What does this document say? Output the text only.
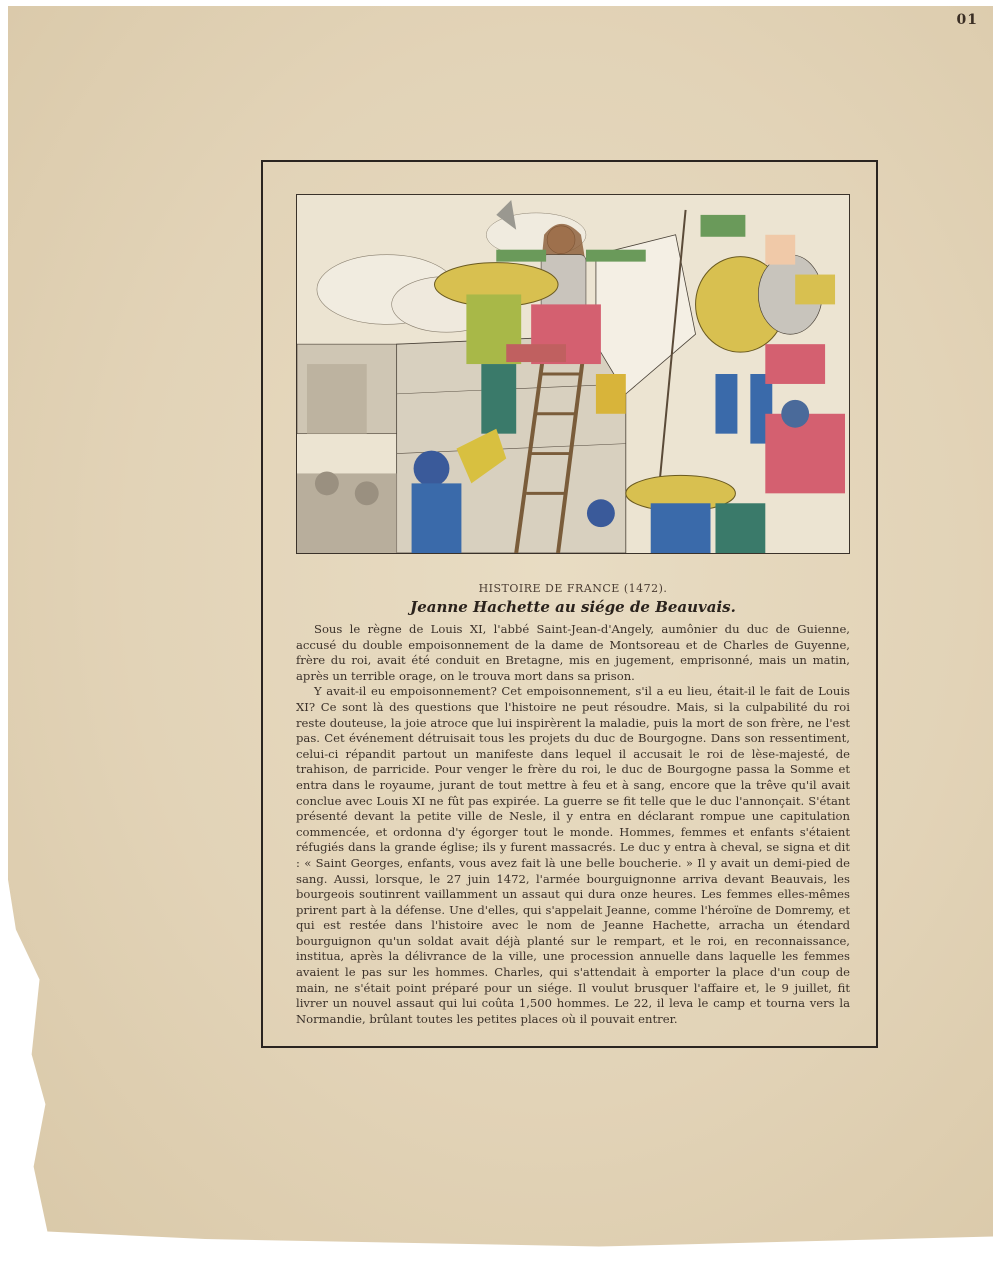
01
HISTOIRE DE FRANCE (1472).
Jeanne Hachette au siége de Beauvais.

Sous le règne de Louis XI, l'abbé Saint-Jean-d'Angely, aumônier du duc de Guienne, accusé du double empoisonnement de la dame de Montsoreau et de Charles de Guyenne, frère du roi, avait été conduit en Bretagne, mis en jugement, emprisonné, mais un matin, après un terrible orage, on le trouva mort dans sa prison.

Y avait-il eu empoisonnement? Cet empoisonnement, s'il a eu lieu, était-il le fait de Louis XI? Ce sont là des questions que l'histoire ne peut résoudre. Mais, si la culpabilité du roi reste douteuse, la joie atroce que lui inspirèrent la maladie, puis la mort de son frère, ne l'est pas. Cet événement détruisait tous les projets du duc de Bourgogne. Dans son ressentiment, celui-ci répandit partout un manifeste dans lequel il accusait le roi de lèse-majesté, de trahison, de parricide. Pour venger le frère du roi, le duc de Bourgogne passa la Somme et entra dans le royaume, jurant de tout mettre à feu et à sang, encore que la trêve qu'il avait conclue avec Louis XI ne fût pas expirée. La guerre se fit telle que le duc l'annonçait. S'étant présenté devant la petite ville de Nesle, il y entra en déclarant rompue une capitulation commencée, et ordonna d'y égorger tout le monde. Hommes, femmes et enfants s'étaient réfugiés dans la grande église; ils y furent massacrés. Le duc y entra à cheval, se signa et dit : « Saint Georges, enfants, vous avez fait là une belle boucherie. » Il y avait un demi-pied de sang. Aussi, lorsque, le 27 juin 1472, l'armée bourguignonne arriva devant Beauvais, les bourgeois soutinrent vaillamment un assaut qui dura onze heures. Les femmes elles-mêmes prirent part à la défense. Une d'elles, qui s'appelait Jeanne, comme l'héroïne de Domremy, et qui est restée dans l'histoire avec le nom de Jeanne Hachette, arracha un étendard bourguignon qu'un soldat avait déjà planté sur le rempart, et le roi, en reconnaissance, institua, après la délivrance de la ville, une procession annuelle dans laquelle les femmes avaient le pas sur les hommes. Charles, qui s'attendait à emporter la place d'un coup de main, ne s'était point préparé pour un siége. Il voulut brusquer l'affaire et, le 9 juillet, fit livrer un nouvel assaut qui lui coûta 1,500 hommes. Le 22, il leva le camp et tourna vers la Normandie, brûlant toutes les petites places où il pouvait entrer.
